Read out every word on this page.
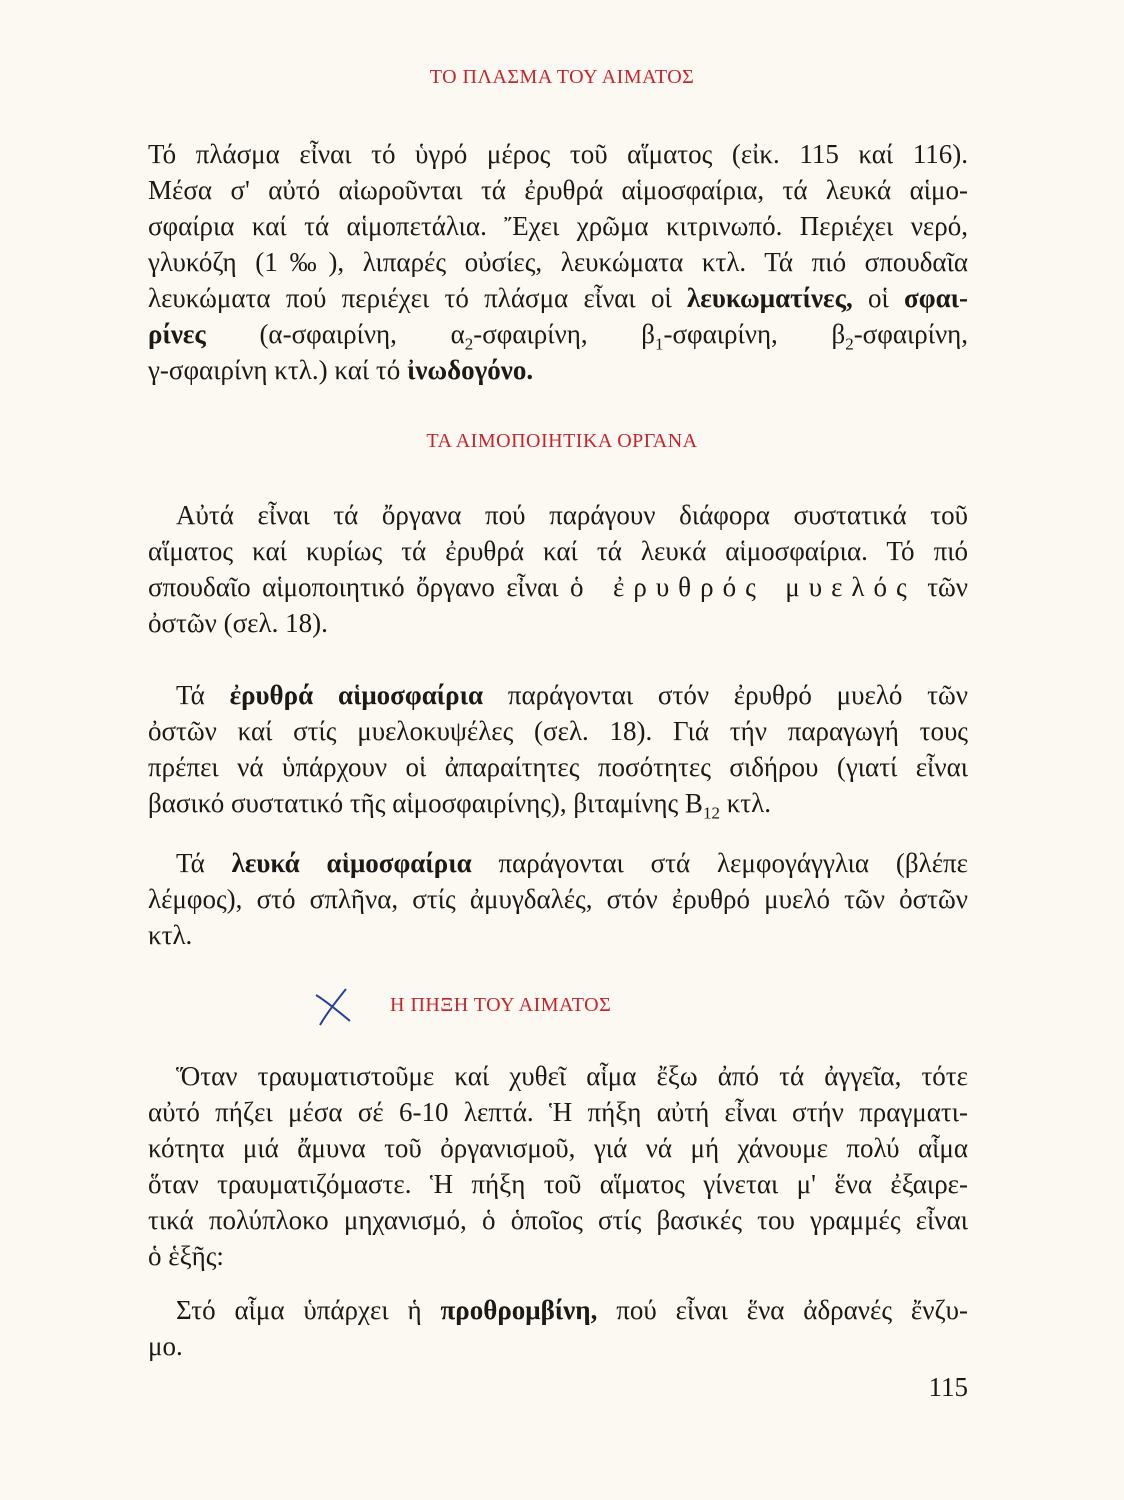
ΤΟ ΠΛΑΣΜΑ ΤΟΥ ΑΙΜΑΤΟΣ
Τό πλάσμα εἶναι τό ὑγρό μέρος τοῦ αἵματος (εἰκ. 115 καί 116).
Μέσα σ' αὐτό αἰωροῦνται τά ἐρυθρά αἱμοσφαίρια, τά λευκά αἱμο-
σφαίρια καί τά αἱμοπετάλια. Ἔχει χρῶμα κιτρινωπό. Περιέχει νερό,
γλυκόζη (1‰), λιπαρές οὐσίες, λευκώματα κτλ. Τά πιό σπουδαῖα
λευκώματα πού περιέχει τό πλάσμα εἶναι οἱ λευκωματίνες, οἱ σφαι-
ρίνες (α-σφαιρίνη, $\alpha_2$-σφαιρίνη, $\beta_1$-σφαιρίνη, $\beta_2$-σφαιρίνη,
γ-σφαιρίνη κτλ.) καί τό ἰνωδογόνο.
ΤΑ ΑΙΜΟΠΟΙΗΤΙΚΑ ΟΡΓΑΝΑ
Αὐτά εἶναι τά ὄργανα πού παράγουν διάφορα συστατικά τοῦ
αἵματος καί κυρίως τά ἐρυθρά καί τά λευκά αἱμοσφαίρια. Τό πιό
σπουδαῖο αἱμοποιητικό ὄργανο εἶναι ὁ ἐρυθρός μυελός τῶν
ὀστῶν (σελ. 18).
Τά ἐρυθρά αἱμοσφαίρια παράγονται στόν ἐρυθρό μυελό τῶν
ὀστῶν καί στίς μυελοκυψέλες (σελ. 18). Γιά τήν παραγωγή τους
πρέπει νά ὑπάρχουν οἱ ἀπαραίτητες ποσότητες σιδήρου (γιατί εἶναι
βασικό συστατικό τῆς αἱμοσφαιρίνης), βιταμίνης $B_{12}$ κτλ.
Τά λευκά αἱμοσφαίρια παράγονται στά λεμφογάγγλια (βλέπε
λέμφος), στό σπλῆνα, στίς ἀμυγδαλές, στόν ἐρυθρό μυελό τῶν ὀστῶν
κτλ.
Η ΠΗΞΗ ΤΟΥ ΑΙΜΑΤΟΣ
Ὅταν τραυματιστοῦμε καί χυθεῖ αἷμα ἔξω ἀπό τά ἀγγεῖα, τότε
αὐτό πήζει μέσα σέ 6-10 λεπτά. Ἡ πήξη αὐτή εἶναι στήν πραγματι-
κότητα μιά ἄμυνα τοῦ ὀργανισμοῦ, γιά νά μή χάνουμε πολύ αἷμα
ὅταν τραυματιζόμαστε. Ἡ πήξη τοῦ αἵματος γίνεται μ' ἕνα ἐξαιρε-
τικά πολύπλοκο μηχανισμό, ὁ ὁποῖος στίς βασικές του γραμμές εἶναι
ὁ ἑξῆς:
Στό αἷμα ὑπάρχει ἡ προθρομβίνη, πού εἶναι ἕνα ἀδρανές ἔνζυ-
μο.
115
